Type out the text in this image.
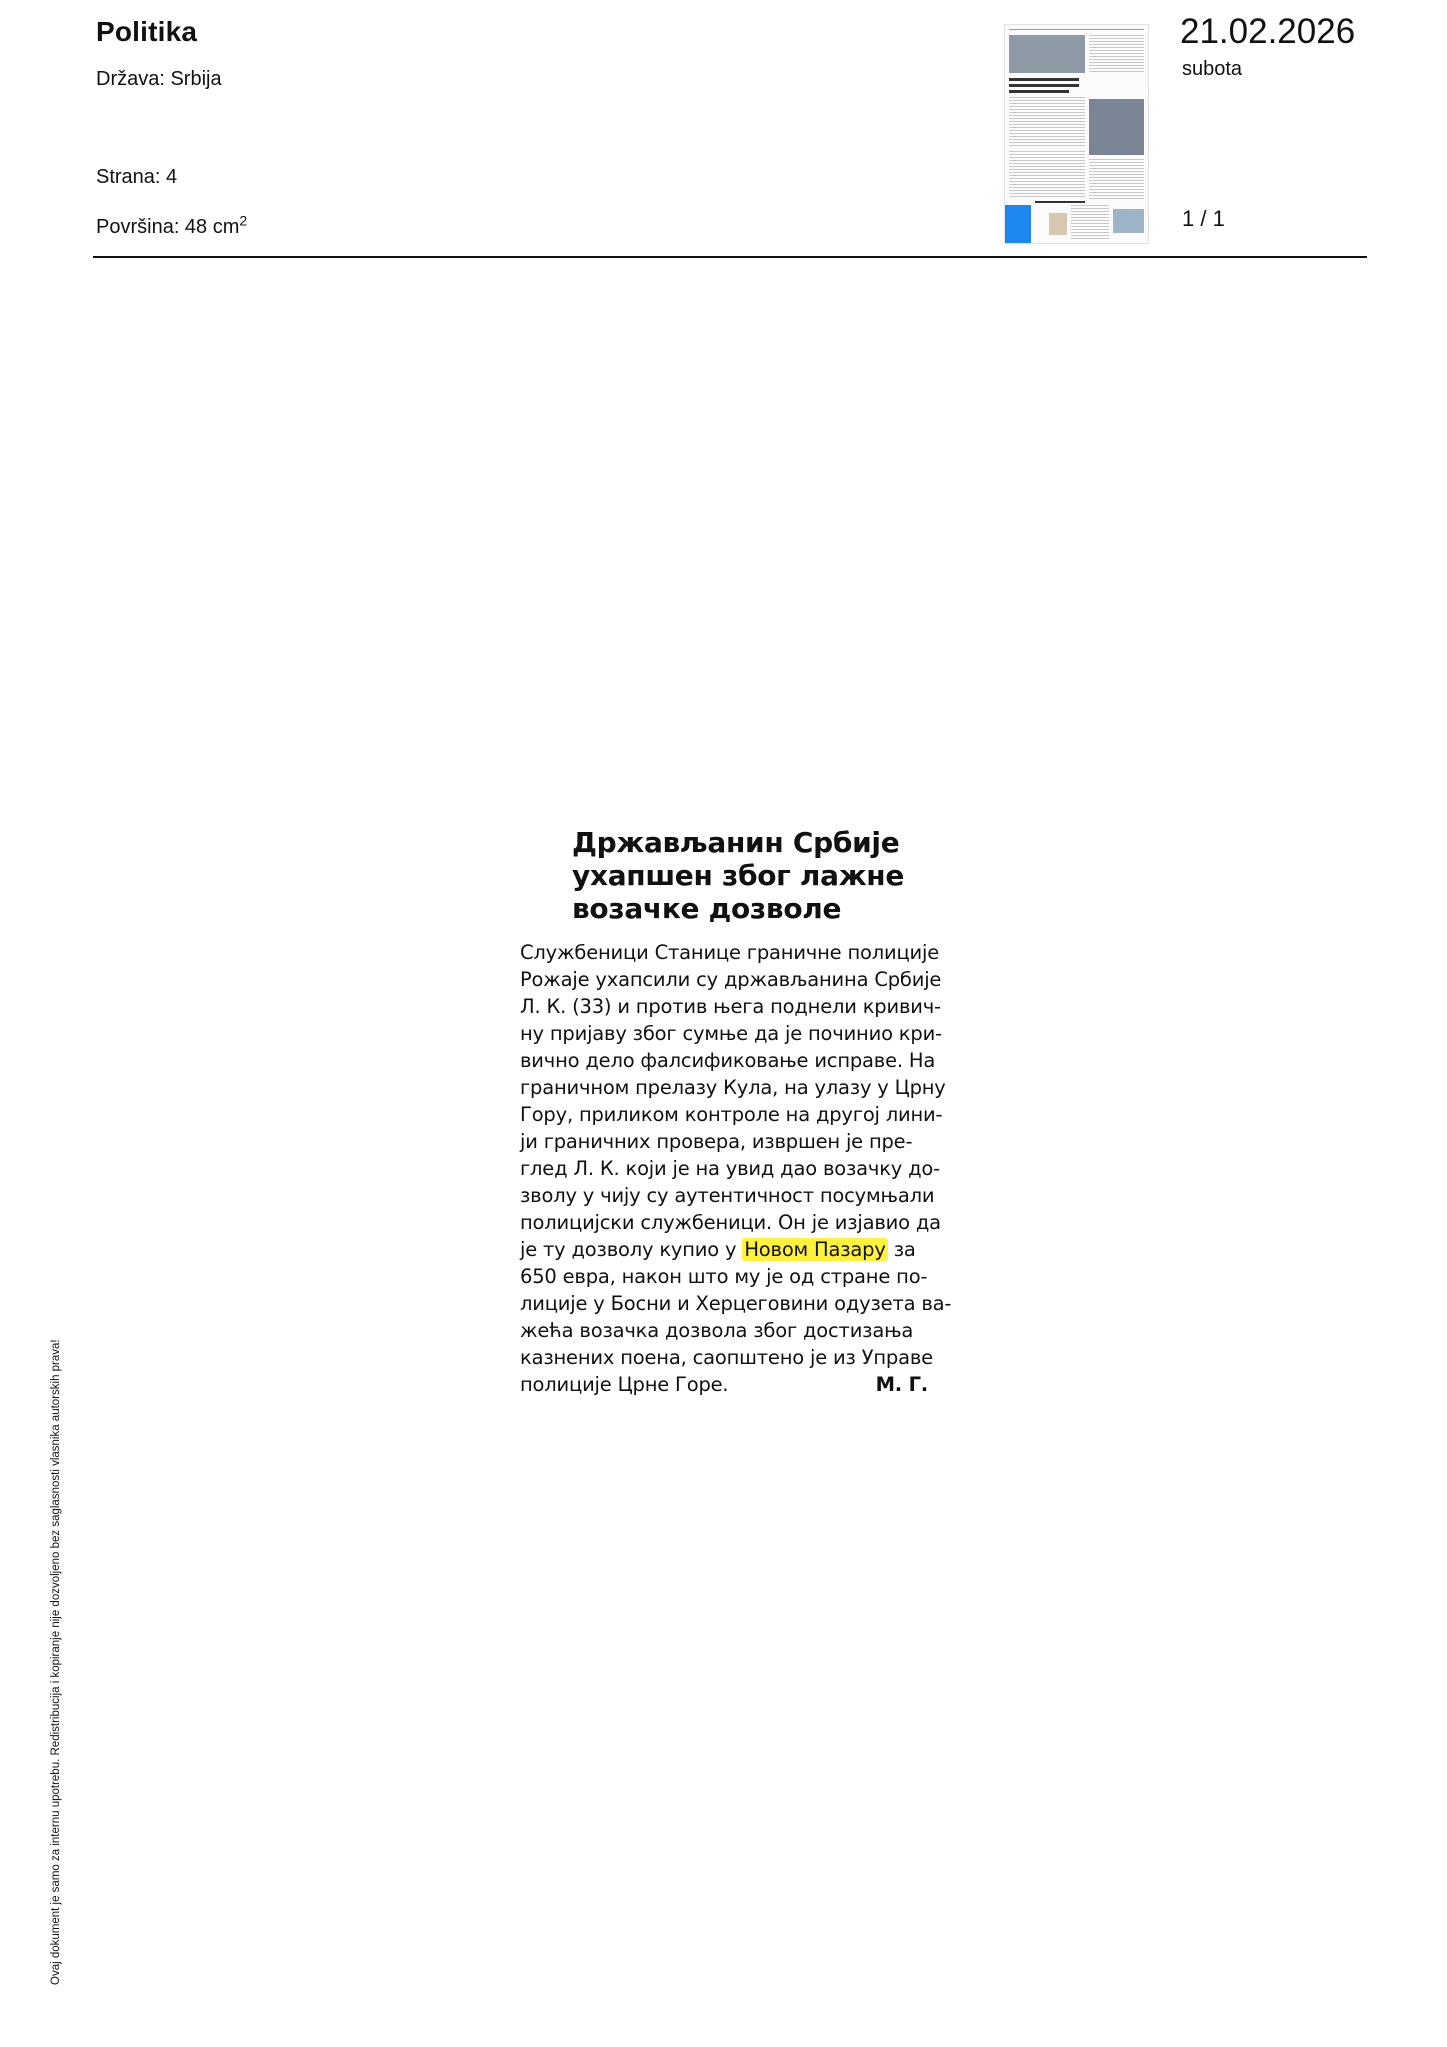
Politika
Država: Srbija
Strana: 4
Površina: 48 $cm^2$
21.02.2026
subota
1 / 1
Држављанин Србије
ухапшен због лажне
возачке дозволе
Службеници Станице граничне полиције
Рожаје ухапсили су држављанина Србије
Л. К. (33) и против њега поднели кривич-
ну пријаву због сумње да је починио кри-
вично дело фалсификовање исправе. На
граничном прелазу Кула, на улазу у Црну
Гору, приликом контроле на другој лини-
ји граничних провера, извршен је пре-
глед Л. К. који је на увид дао возачку до-
зволу у чију су аутентичност посумњали
полицијски службеници. Он је изјавио да
је ту дозволу купио у Новом Пазару за
650 евра, након што му је од стране по-
лиције у Босни и Херцеговини одузета ва-
жећа возачка дозвола због достизања
казнених поена, саопштено је из Управе
полиције Црне Горе.	М. Г.
Ovaj dokument je samo za internu upotrebu. Redistribucija i kopiranje nije dozvoljeno bez saglasnosti vlasnika autorskih prava!
